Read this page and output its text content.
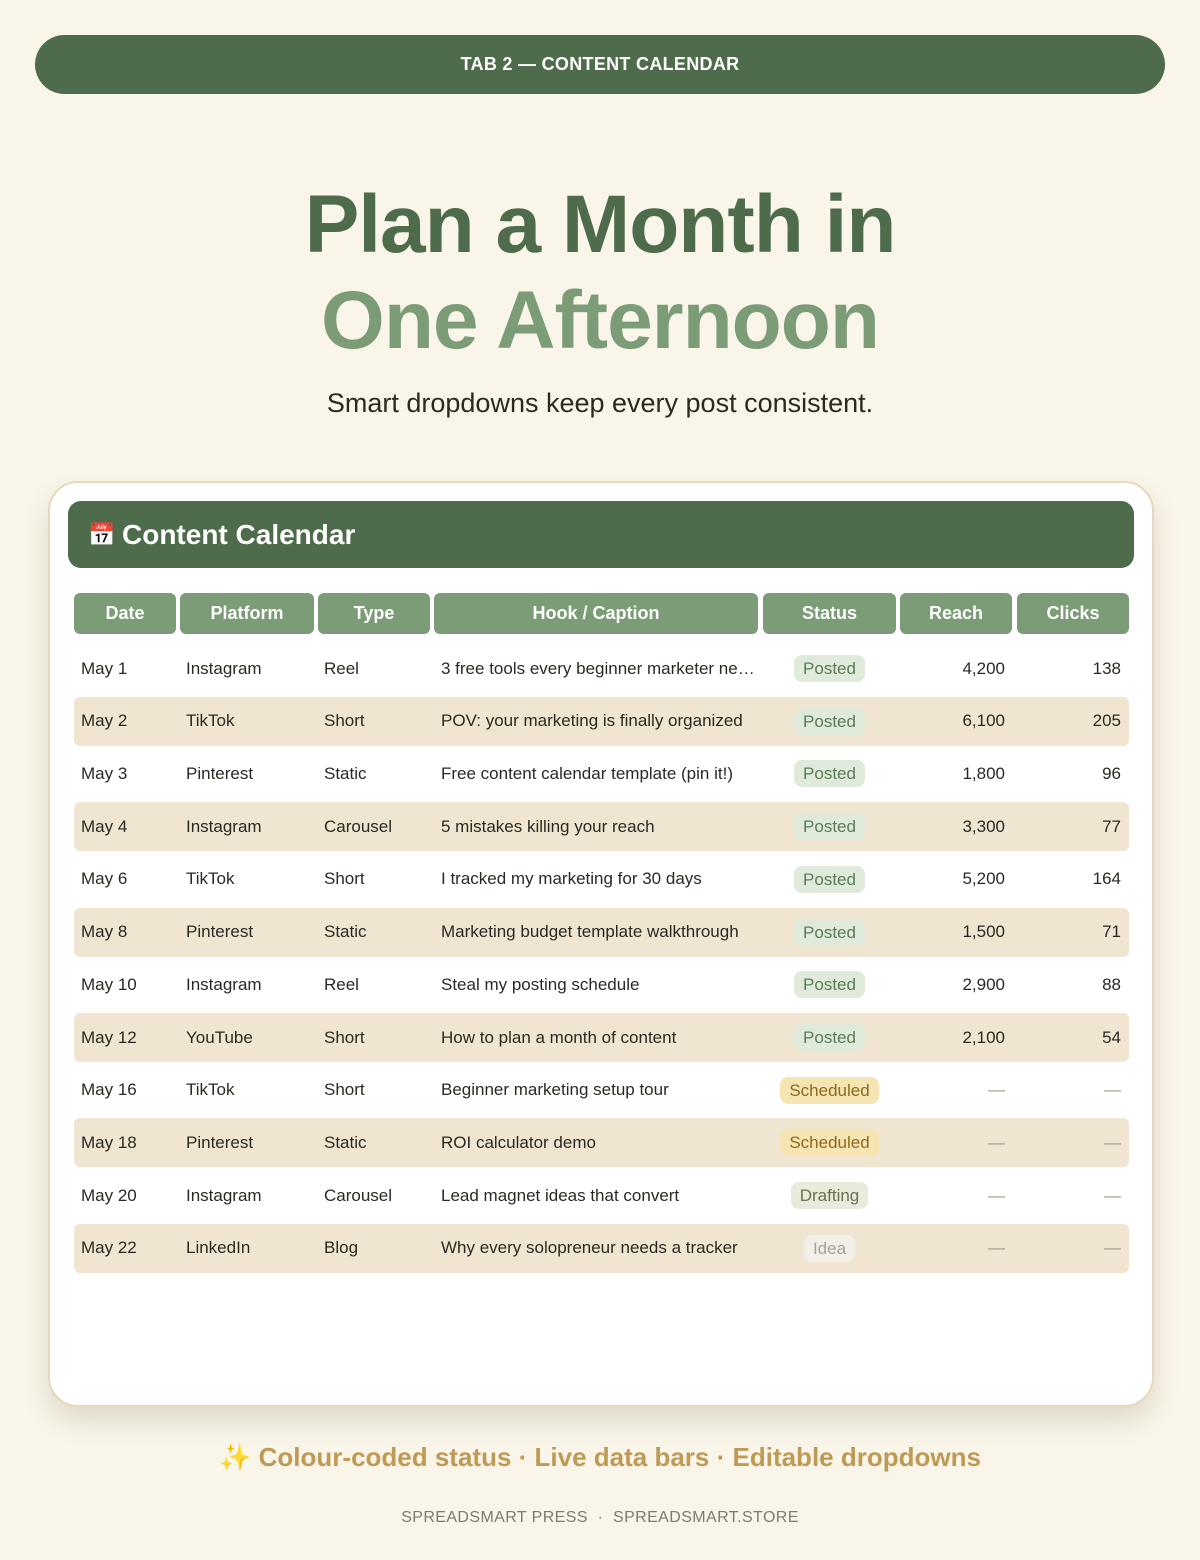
TAB 2 — CONTENT CALENDAR
Plan a Month in
One Afternoon
Smart dropdowns keep every post consistent.
📅 Content Calendar
Date	Platform	Type	Hook / Caption	Status	Reach	Clicks
May 1	Instagram	Reel	3 free tools every beginner marketer ne…	Posted	4,200	138
May 2	TikTok	Short	POV: your marketing is finally organized	Posted	6,100	205
May 3	Pinterest	Static	Free content calendar template (pin it!)	Posted	1,800	96
May 4	Instagram	Carousel	5 mistakes killing your reach	Posted	3,300	77
May 6	TikTok	Short	I tracked my marketing for 30 days	Posted	5,200	164
May 8	Pinterest	Static	Marketing budget template walkthrough	Posted	1,500	71
May 10	Instagram	Reel	Steal my posting schedule	Posted	2,900	88
May 12	YouTube	Short	How to plan a month of content	Posted	2,100	54
May 16	TikTok	Short	Beginner marketing setup tour	Scheduled	—	—
May 18	Pinterest	Static	ROI calculator demo	Scheduled	—	—
May 20	Instagram	Carousel	Lead magnet ideas that convert	Drafting	—	—
May 22	LinkedIn	Blog	Why every solopreneur needs a tracker	Idea	—	—
✨ Colour-coded status · Live data bars · Editable dropdowns
SPREADSMART PRESS  ·  SPREADSMART.STORE
